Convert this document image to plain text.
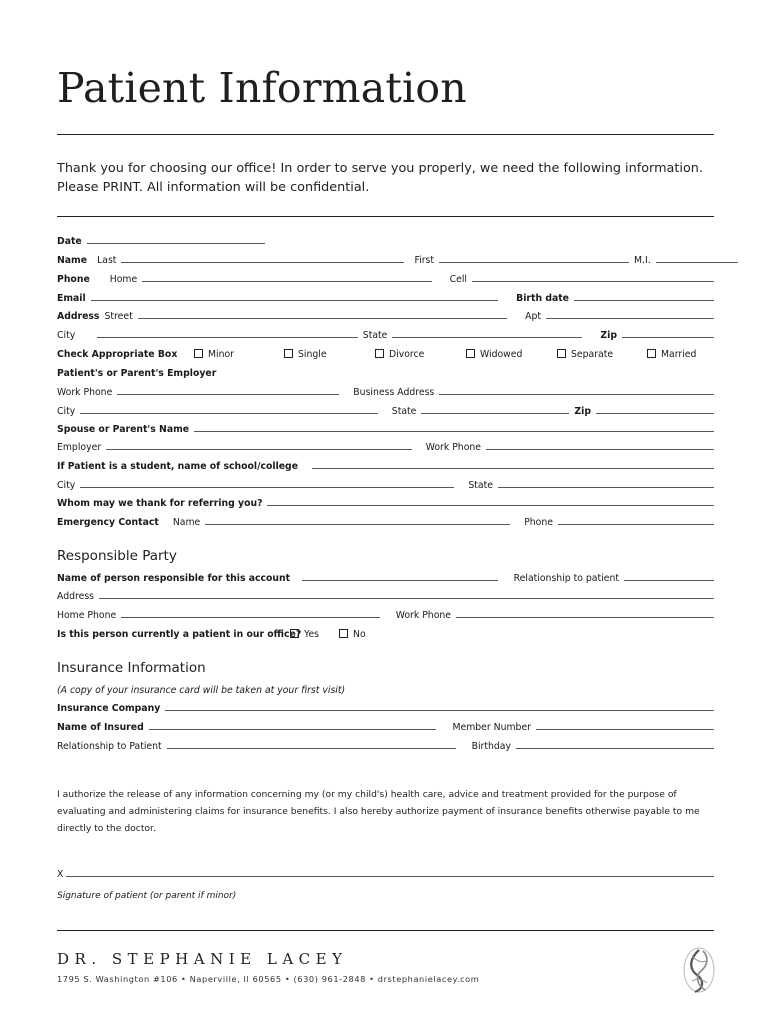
Patient Information
Thank you for choosing our office! In order to serve you properly, we need the following information.
Please PRINT. All information will be confidential.
Date
Name Last	First	M.I.
Phone Home	Cell
Email	Birth date
Address Street	Apt
City	State	Zip
Check Appropriate Box	Minor	Single	Divorce	Widowed	Separate	Married
Patient's or Parent's Employer
Work Phone	Business Address
City	State	Zip
Spouse or Parent's Name
Employer	Work Phone
If Patient is a student, name of school/college
City	State
Whom may we thank for referring you?
Emergency Contact Name	Phone
Responsible Party
Name of person responsible for this account	Relationship to patient
Address
Home Phone	Work Phone
Is this person currently a patient in our office? Yes	No
Insurance Information
(A copy of your insurance card will be taken at your first visit)
Insurance Company
Name of Insured	Member Number
Relationship to Patient	Birthday
I authorize the release of any information concerning my (or my child's) health care, advice and treatment provided for the purpose of evaluating and administering claims for insurance benefits. I also hereby authorize payment of insurance benefits otherwise payable to me directly to the doctor.
X
Signature of patient (or parent if minor)
DR. STEPHANIE LACEY
1795 S. Washington #106 • Naperville, Il 60565 • (630) 961-2848 • drstephanielacey.com
